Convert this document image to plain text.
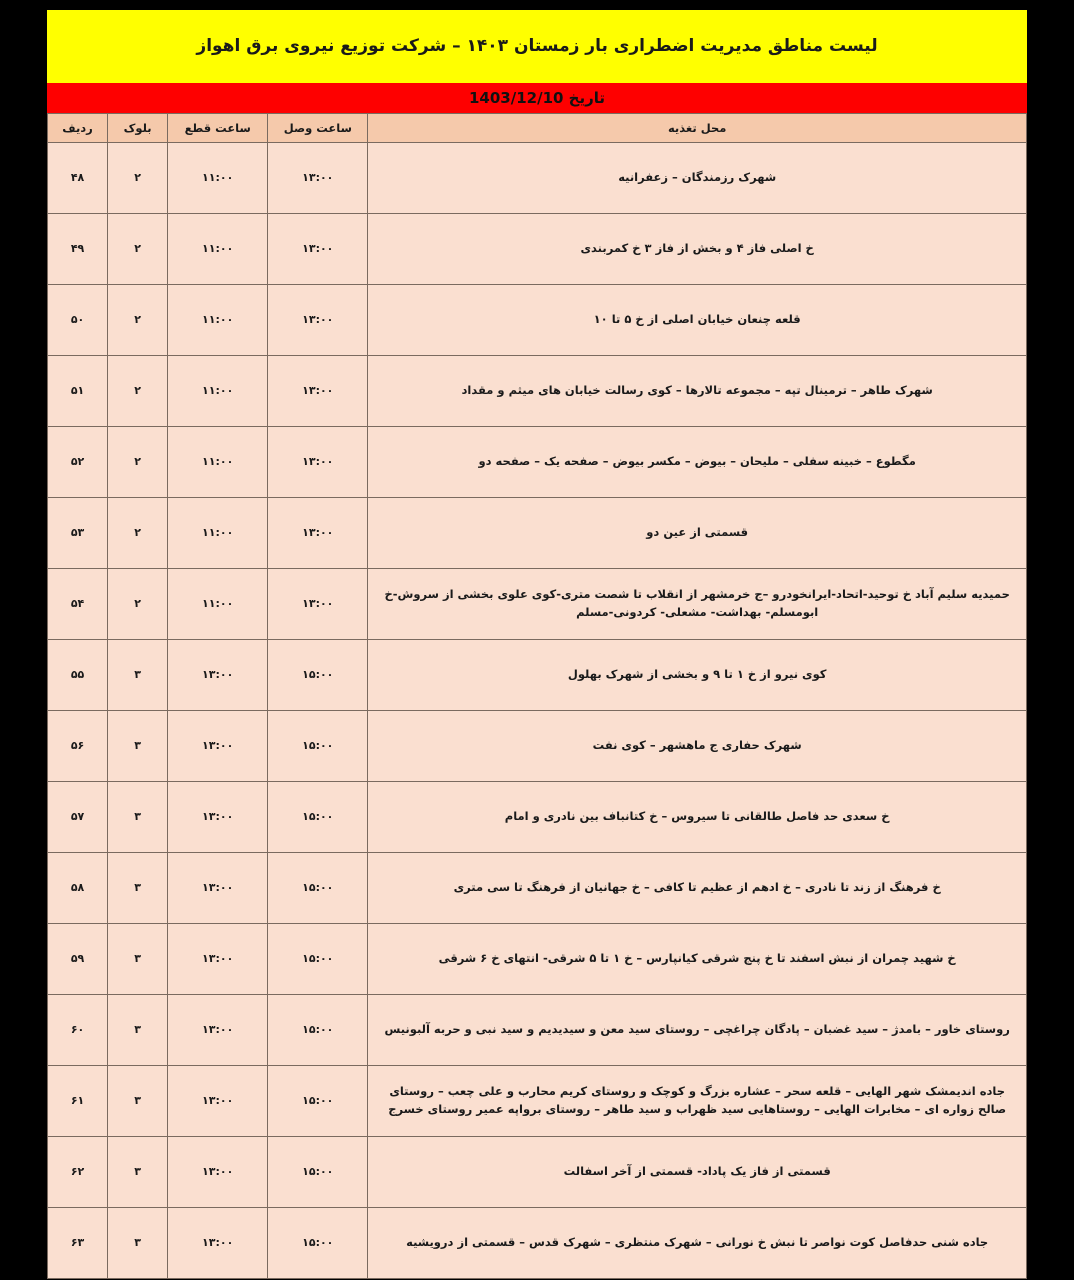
لیست مناطق مدیریت اضطراری بار زمستان ۱۴۰۳ – شرکت توزیع نیروی برق اهواز
تاریخ 1403/12/10
محل تغذیه	ساعت وصل	ساعت قطع	بلوک	ردیف
شهرک رزمندگان – زعفرانیه	۱۳:۰۰	۱۱:۰۰	۲	۴۸
خ اصلی فاز ۴ و بخش از فاز ۳ خ کمربندی	۱۳:۰۰	۱۱:۰۰	۲	۴۹
قلعه چنعان خیابان اصلی از خ ۵ تا ۱۰	۱۳:۰۰	۱۱:۰۰	۲	۵۰
شهرک طاهر – ترمینال تپه – مجموعه تالارها – کوی رسالت خیابان های میثم و مقداد	۱۳:۰۰	۱۱:۰۰	۲	۵۱
مگطوع – خبینه سفلی – ملیحان – بیوض – مکسر بیوض – صفحه یک – صفحه دو	۱۳:۰۰	۱۱:۰۰	۲	۵۲
قسمتی از عین دو	۱۳:۰۰	۱۱:۰۰	۲	۵۳
حمیدیه سلیم آباد خ توحید-اتحاد-ایرانخودرو –ج خرمشهر از انقلاب تا شصت متری-کوی علوی بخشی از سروش-خ ابومسلم- بهداشت- مشعلی- کردونی-مسلم	۱۳:۰۰	۱۱:۰۰	۲	۵۴
کوی نیرو از خ ۱ تا ۹ و بخشی از شهرک بهلول	۱۵:۰۰	۱۳:۰۰	۳	۵۵
شهرک حفاری ج ماهشهر – کوی نفت	۱۵:۰۰	۱۳:۰۰	۳	۵۶
خ سعدی حد فاصل طالقانی تا سیروس – خ کتانباف بین نادری و امام	۱۵:۰۰	۱۳:۰۰	۳	۵۷
خ فرهنگ از زند تا نادری – خ ادهم از عظیم تا کافی – خ جهانیان از فرهنگ تا سی متری	۱۵:۰۰	۱۳:۰۰	۳	۵۸
خ شهید چمران از نبش اسفند تا خ پنج شرقی کیانپارس – خ ۱ تا ۵ شرقی- انتهای خ ۶ شرقی	۱۵:۰۰	۱۳:۰۰	۳	۵۹
روستای خاور – بامدژ – سید غضبان – پادگان چراغچی – روستای سید معن و سیدیدیم و سید نبی و حربه آلبونیس	۱۵:۰۰	۱۳:۰۰	۳	۶۰
جاده اندیمشک شهر الهایی – قلعه سحر – عشاره بزرگ و کوچک و روستای کریم محارب و علی چعب – روستای صالح زواره ای – مخابرات الهایی – روستاهایی سید ظهراب و سید طاهر – روستای برواپه عمیر روستای خسرج	۱۵:۰۰	۱۳:۰۰	۳	۶۱
قسمتی از فاز یک پاداد- قسمتی از آخر اسفالت	۱۵:۰۰	۱۳:۰۰	۳	۶۲
جاده شنی حدفاصل کوت نواصر تا نبش خ نورانی – شهرک منتظری – شهرک قدس – قسمتی از درویشیه	۱۵:۰۰	۱۳:۰۰	۳	۶۳
